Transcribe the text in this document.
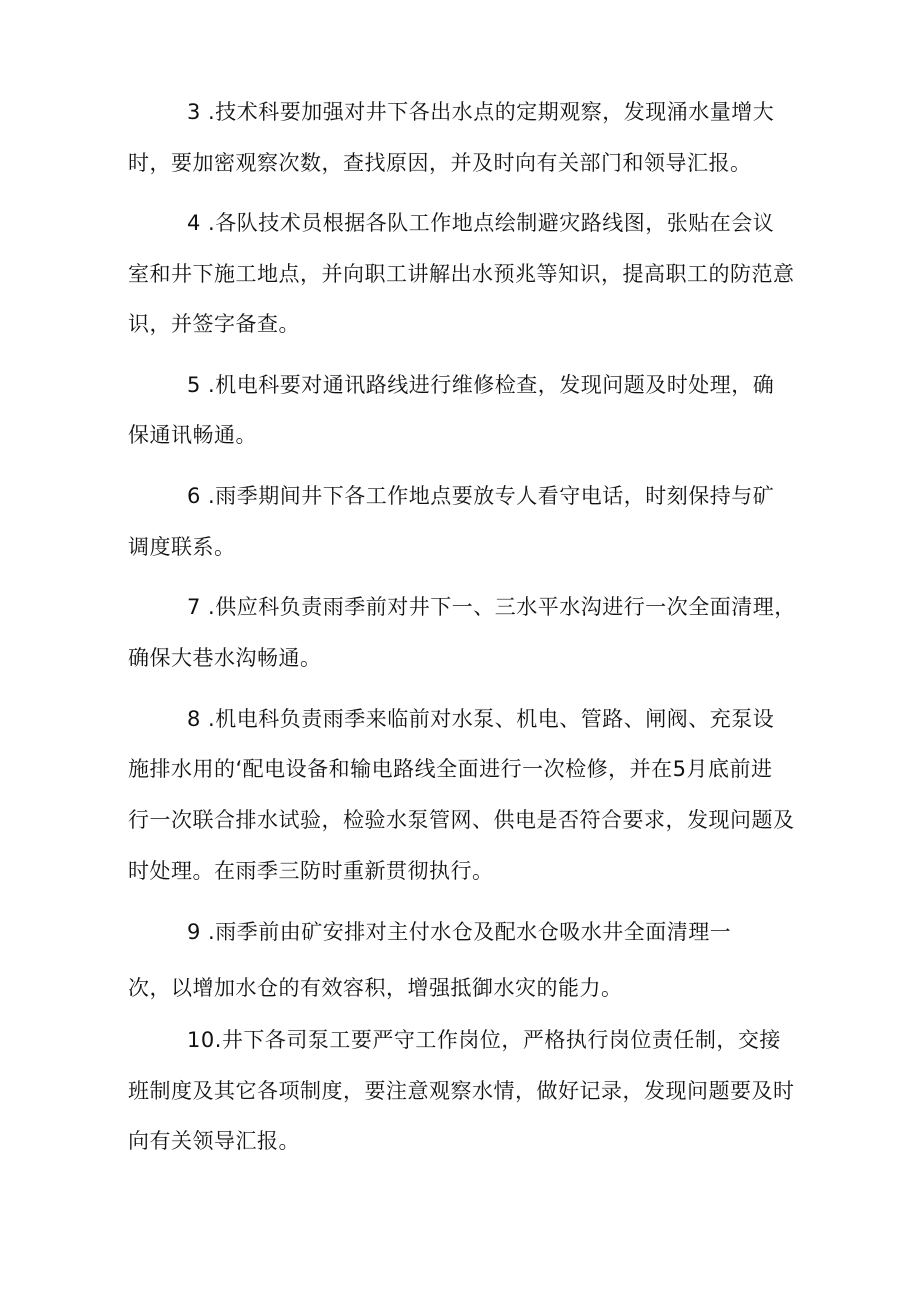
3 .技术科要加强对井下各出水点的定期观察，发现涌水量增大
时，要加密观察次数，查找原因，并及时向有关部门和领导汇报。
4 .各队技术员根据各队工作地点绘制避灾路线图，张贴在会议
室和井下施工地点，并向职工讲解出水预兆等知识，提高职工的防范意
识，并签字备查。
5 .机电科要对通讯路线进行维修检查，发现问题及时处理，确
保通讯畅通。
6 .雨季期间井下各工作地点要放专人看守电话，时刻保持与矿
调度联系。
7 .供应科负责雨季前对井下一、三水平水沟进行一次全面清理，
确保大巷水沟畅通。
8 .机电科负责雨季来临前对水泵、机电、管路、闸阀、充泵设
施排水用的‘配电设备和输电路线全面进行一次检修，并在5月底前进
行一次联合排水试验，检验水泵管网、供电是否符合要求，发现问题及
时处理。在雨季三防时重新贯彻执行。
9 .雨季前由矿安排对主付水仓及配水仓吸水井全面清理一
次，以增加水仓的有效容积，增强抵御水灾的能力。
10.井下各司泵工要严守工作岗位，严格执行岗位责任制，交接
班制度及其它各项制度，要注意观察水情，做好记录，发现问题要及时
向有关领导汇报。
